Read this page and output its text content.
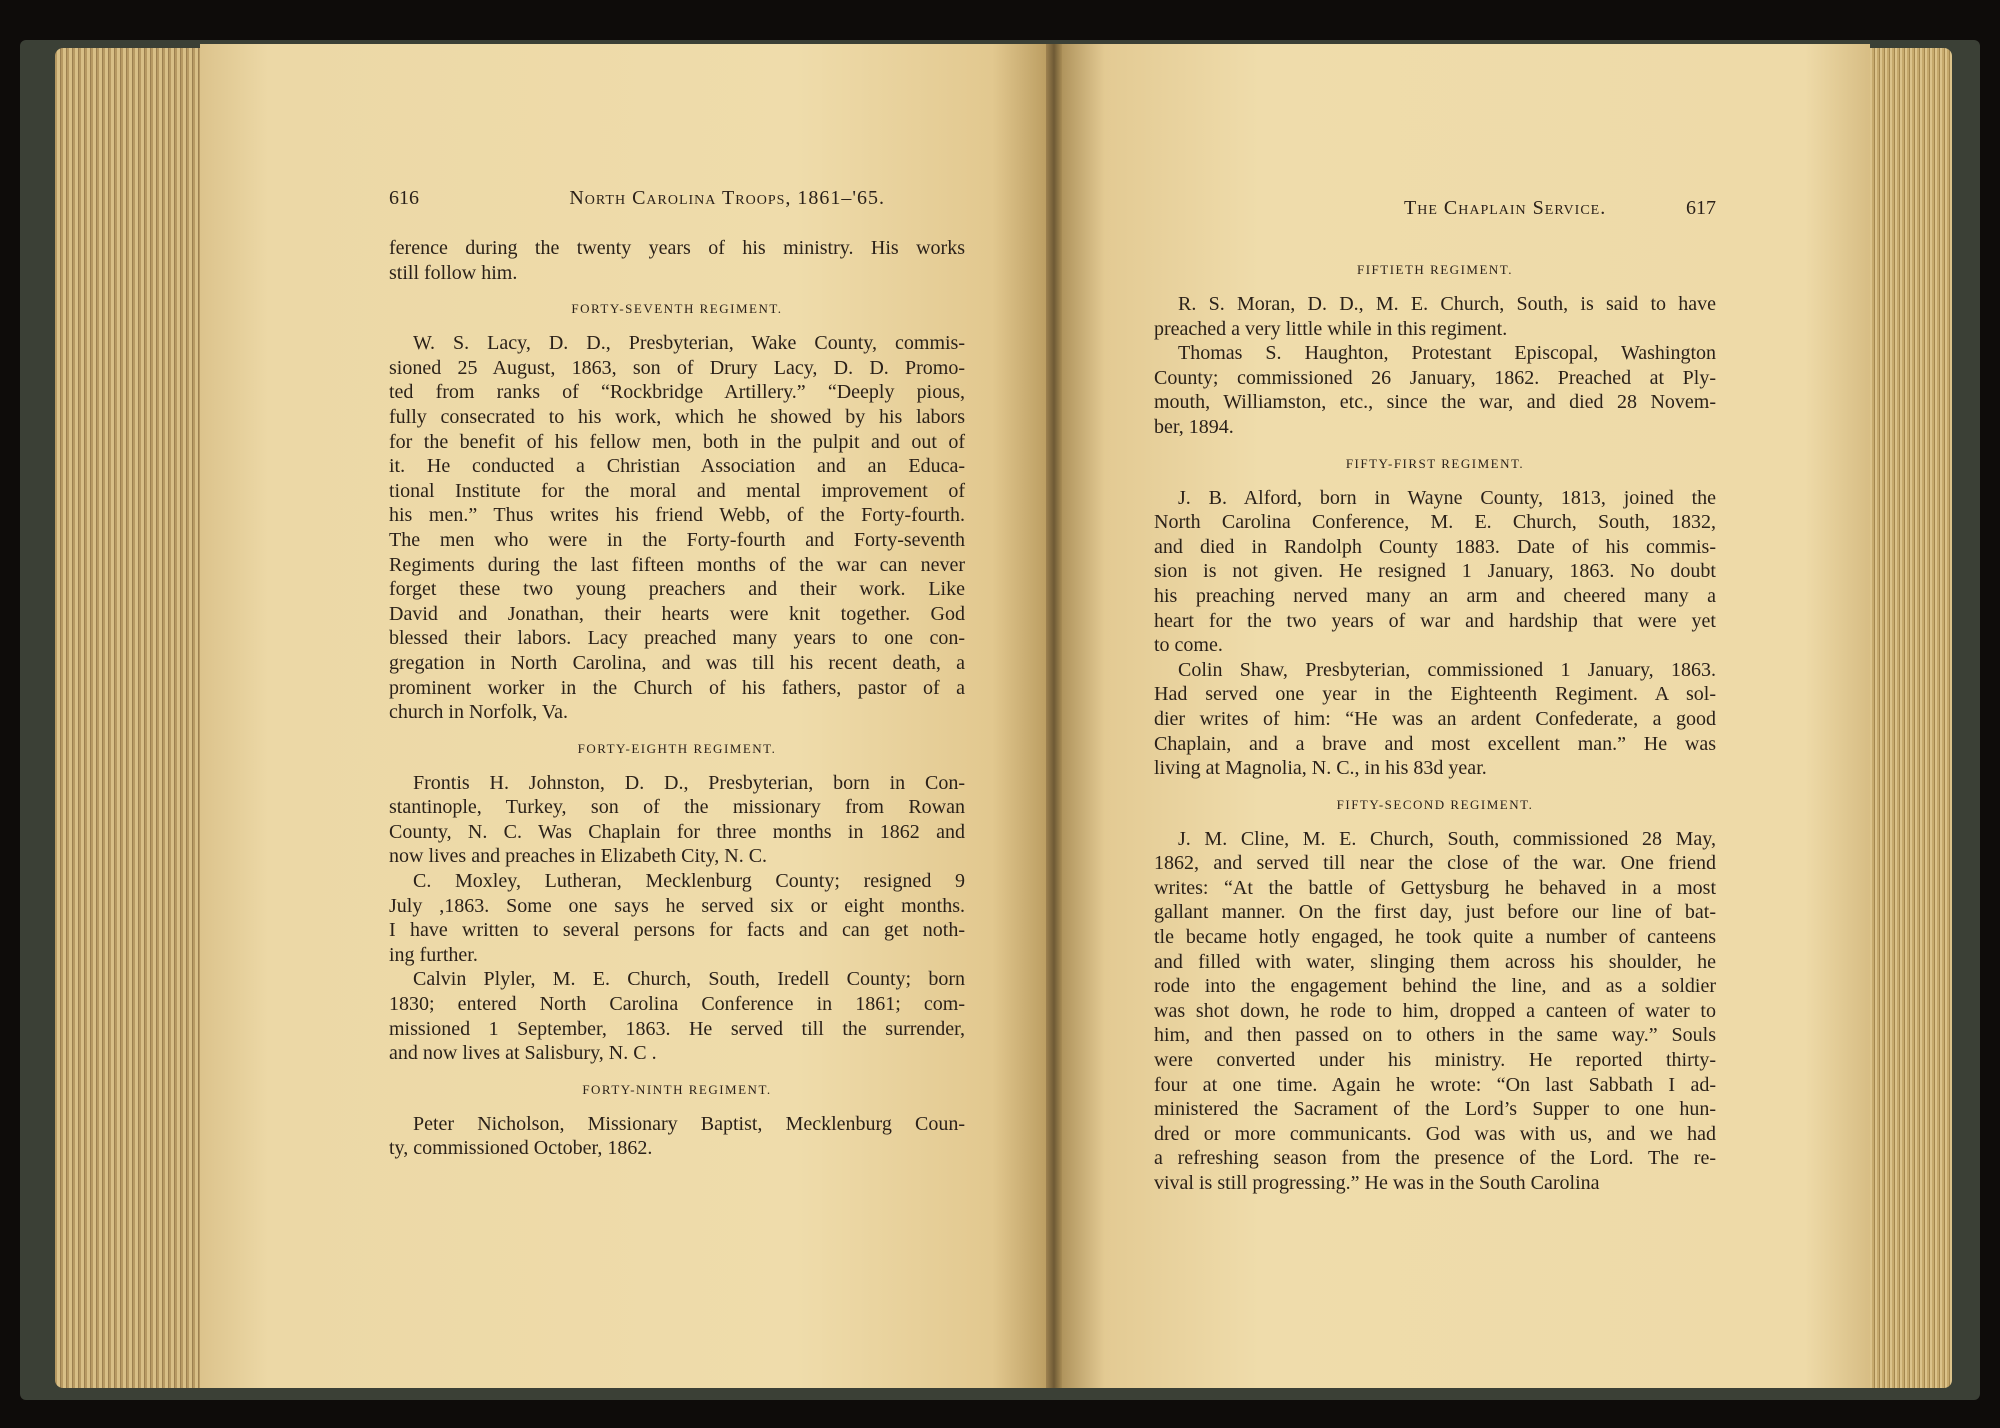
616	North Carolina Troops, 1861–'65.
ference during the twenty years of his ministry. His works
still follow him.
FORTY-SEVENTH REGIMENT.
W. S. Lacy, D. D., Presbyterian, Wake County, commis-
sioned 25 August, 1863, son of Drury Lacy, D. D. Promo-
ted from ranks of “Rockbridge Artillery.” “Deeply pious,
fully consecrated to his work, which he showed by his labors
for the benefit of his fellow men, both in the pulpit and out of
it. He conducted a Christian Association and an Educa-
tional Institute for the moral and mental improvement of
his men.” Thus writes his friend Webb, of the Forty-fourth.
The men who were in the Forty-fourth and Forty-seventh
Regiments during the last fifteen months of the war can never
forget these two young preachers and their work. Like
David and Jonathan, their hearts were knit together. God
blessed their labors. Lacy preached many years to one con-
gregation in North Carolina, and was till his recent death, a
prominent worker in the Church of his fathers, pastor of a
church in Norfolk, Va.
FORTY-EIGHTH REGIMENT.
Frontis H. Johnston, D. D., Presbyterian, born in Con-
stantinople, Turkey, son of the missionary from Rowan
County, N. C. Was Chaplain for three months in 1862 and
now lives and preaches in Elizabeth City, N. C.
C. Moxley, Lutheran, Mecklenburg County; resigned 9
July ,1863. Some one says he served six or eight months.
I have written to several persons for facts and can get noth-
ing further.
Calvin Plyler, M. E. Church, South, Iredell County; born
1830; entered North Carolina Conference in 1861; com-
missioned 1 September, 1863. He served till the surrender,
and now lives at Salisbury, N. C .
FORTY-NINTH REGIMENT.
Peter Nicholson, Missionary Baptist, Mecklenburg Coun-
ty, commissioned October, 1862.
The Chaplain Service.	617
FIFTIETH REGIMENT.
R. S. Moran, D. D., M. E. Church, South, is said to have
preached a very little while in this regiment.
Thomas S. Haughton, Protestant Episcopal, Washington
County; commissioned 26 January, 1862. Preached at Ply-
mouth, Williamston, etc., since the war, and died 28 Novem-
ber, 1894.
FIFTY-FIRST REGIMENT.
J. B. Alford, born in Wayne County, 1813, joined the
North Carolina Conference, M. E. Church, South, 1832,
and died in Randolph County 1883. Date of his commis-
sion is not given. He resigned 1 January, 1863. No doubt
his preaching nerved many an arm and cheered many a
heart for the two years of war and hardship that were yet
to come.
Colin Shaw, Presbyterian, commissioned 1 January, 1863.
Had served one year in the Eighteenth Regiment. A sol-
dier writes of him: “He was an ardent Confederate, a good
Chaplain, and a brave and most excellent man.” He was
living at Magnolia, N. C., in his 83d year.
FIFTY-SECOND REGIMENT.
J. M. Cline, M. E. Church, South, commissioned 28 May,
1862, and served till near the close of the war. One friend
writes: “At the battle of Gettysburg he behaved in a most
gallant manner. On the first day, just before our line of bat-
tle became hotly engaged, he took quite a number of canteens
and filled with water, slinging them across his shoulder, he
rode into the engagement behind the line, and as a soldier
was shot down, he rode to him, dropped a canteen of water to
him, and then passed on to others in the same way.” Souls
were converted under his ministry. He reported thirty-
four at one time. Again he wrote: “On last Sabbath I ad-
ministered the Sacrament of the Lord’s Supper to one hun-
dred or more communicants. God was with us, and we had
a refreshing season from the presence of the Lord. The re-
vival is still progressing.” He was in the South Carolina
